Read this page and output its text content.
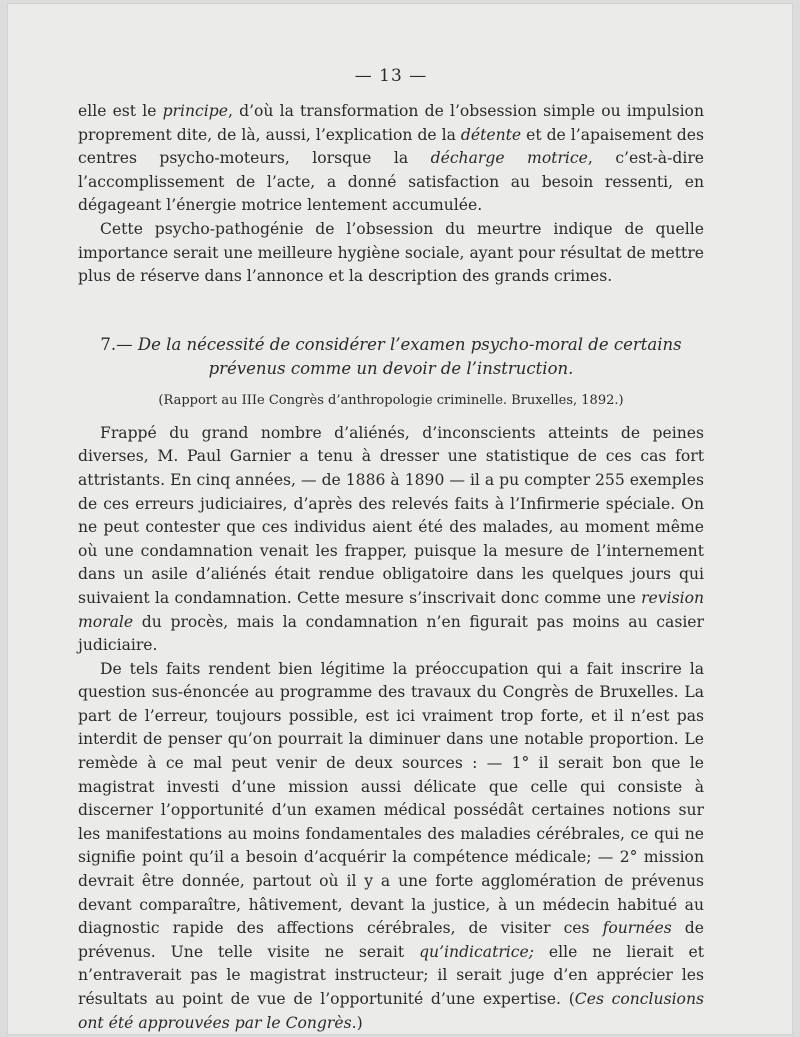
— 13 —

elle est le principe, d’où la transformation de l’obsession simple ou impulsion proprement dite, de là, aussi, l’explication de la détente et de l’apaisement des centres psycho-moteurs, lorsque la décharge motrice, c’est-à-dire l’accomplissement de l’acte, a donné satisfaction au besoin ressenti, en dégageant l’énergie motrice lentement accumulée.

Cette psycho-pathogénie de l’obsession du meurtre indique de quelle importance serait une meilleure hygiène sociale, ayant pour résultat de mettre plus de réserve dans l’annonce et la description des grands crimes.

7.— De la nécessité de considérer l’examen psycho-moral de certains prévenus comme un devoir de l’instruction.
(Rapport au IIIe Congrès d’anthropologie criminelle. Bruxelles, 1892.)

Frappé du grand nombre d’aliénés, d’inconscients atteints de peines diverses, M. Paul Garnier a tenu à dresser une statistique de ces cas fort attristants. En cinq années, — de 1886 à 1890 — il a pu compter 255 exemples de ces erreurs judiciaires, d’après des relevés faits à l’Infirmerie spéciale. On ne peut contester que ces individus aient été des malades, au moment même où une condamnation venait les frapper, puisque la mesure de l’internement dans un asile d’aliénés était rendue obligatoire dans les quelques jours qui suivaient la condamnation. Cette mesure s’inscrivait donc comme une revision morale du procès, mais la condamnation n’en figurait pas moins au casier judiciaire.

De tels faits rendent bien légitime la préoccupation qui a fait inscrire la question sus-énoncée au programme des travaux du Congrès de Bruxelles. La part de l’erreur, toujours possible, est ici vraiment trop forte, et il n’est pas interdit de penser qu’on pourrait la diminuer dans une notable proportion. Le remède à ce mal peut venir de deux sources : — 1° il serait bon que le magistrat investi d’une mission aussi délicate que celle qui consiste à discerner l’opportunité d’un examen médical possédât certaines notions sur les manifestations au moins fondamentales des maladies cérébrales, ce qui ne signifie point qu’il a besoin d’acquérir la compétence médicale; — 2° mission devrait être donnée, partout où il y a une forte agglomération de prévenus devant comparaître, hâtivement, devant la justice, à un médecin habitué au diagnostic rapide des affections cérébrales, de visiter ces fournées de prévenus. Une telle visite ne serait qu’indicatrice; elle ne lierait et n’entraverait pas le magistrat instructeur; il serait juge d’en apprécier les résultats au point de vue de l’opportunité d’une expertise. (Ces conclusions ont été approuvées par le Congrès.)
